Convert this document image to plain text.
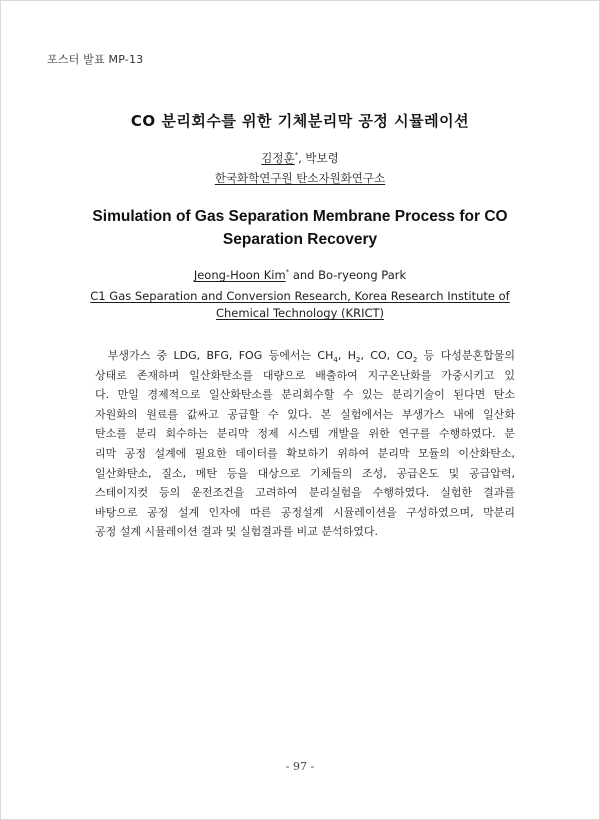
포스터 발표 MP-13
CO 분리회수를 위한 기체분리막 공정 시뮬레이션
김정훈*, 박보령
한국화학연구원 탄소자원화연구소
Simulation of Gas Separation Membrane Process for CO
Separation Recovery
Jeong-Hoon Kim* and Bo-ryeong Park
C1 Gas Separation and Conversion Research, Korea Research Institute of
Chemical Technology (KRICT)
부생가스 중 LDG, BFG, FOG 등에서는 $CH_4$, $H_2$, CO, $CO_2$ 등 다성분혼합물의
상태로 존재하며 일산화탄소를 대량으로 배출하여 지구온난화를 가중시키고 있
다. 만일 경제적으로 일산화탄소를 분리회수할 수 있는 분리기술이 된다면 탄소
자원화의 원료를 값싸고 공급할 수 있다. 본 실험에서는 부생가스 내에 일산화
탄소를 분리 회수하는 분리막 정제 시스템 개발을 위한 연구를 수행하였다. 분
리막 공정 설계에 필요한 데이터를 확보하기 위하여 분리막 모듈의 이산화탄소,
일산화탄소, 질소, 메탄 등을 대상으로 기체들의 조성, 공급온도 및 공급압력,
스테이지컷 등의 운전조건을 고려하여 분리실험을 수행하였다. 실험한 결과를
바탕으로 공정 설계 인자에 따른 공정설계 시뮬레이션을 구성하였으며, 막분리
공정 설계 시뮬레이션 결과 및 실험결과를 비교 분석하였다.
- 97 -
